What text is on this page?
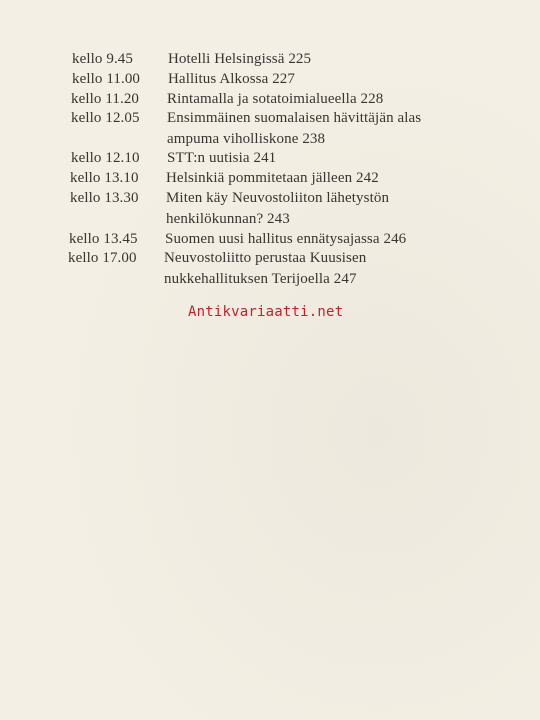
kello 9.45 Hotelli Helsingissä 225
kello 11.00 Hallitus Alkossa 227
kello 11.20 Rintamalla ja sotatoimialueella 228
kello 12.05 Ensimmäinen suomalaisen hävittäjän alas
ampuma viholliskone 238
kello 12.10 STT:n uutisia 241
kello 13.10 Helsinkiä pommitetaan jälleen 242
kello 13.30 Miten käy Neuvostoliiton lähetystön
henkilökunnan? 243
kello 13.45 Suomen uusi hallitus ennätysajassa 246
kello 17.00 Neuvostoliitto perustaa Kuusisen
nukkehallituksen Terijoella 247
Antikvariaatti.net
